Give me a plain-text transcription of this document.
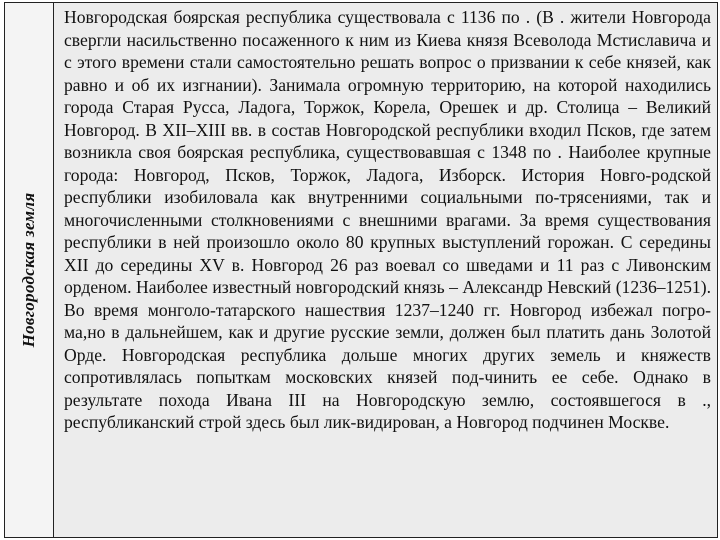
Новгородская земля
Новгородская боярская республика существовала с 1136 по . (В . жители Новгорода свергли насильственно посаженного к ним из Киева князя Всеволода Мстиславича и с этого времени стали самостоятельно решать вопрос о призвании к себе князей, как равно и об их изгнании). Занимала огромную территорию, на которой находились города Старая Русса, Ладога, Торжок, Корела, Орешек и др. Столица – Великий Новгород. В XII–XIII вв. в состав Новгородской республики входил Псков, где затем возникла своя боярская республика, существовавшая с 1348 по . Наиболее крупные города: Новгород, Псков, Торжок, Ладога, Изборск. История Новго-родской республики изобиловала как внутренними социальными по-трясениями, так и многочисленными столкновениями с внешними врагами. За время существования республики в ней произошло около 80 крупных выступлений горожан. С середины XII до середины XV в. Новгород 26 раз воевал со шведами и 11 раз с Ливонским орденом. Наиболее известный новгородский князь – Александр Невский (1236–1251). Во время монголо-татарского нашествия 1237–1240 гг. Новгород избежал погро-ма,но в дальнейшем, как и другие русские земли, должен был платить дань Золотой Орде. Новгородская республика дольше многих других земель и княжеств сопротивлялась попыткам московских князей под-чинить ее себе. Однако в результате похода Ивана III на Новгородскую землю, состоявшегося в ., республиканский строй здесь был лик-видирован, а Новгород подчинен Москве.
